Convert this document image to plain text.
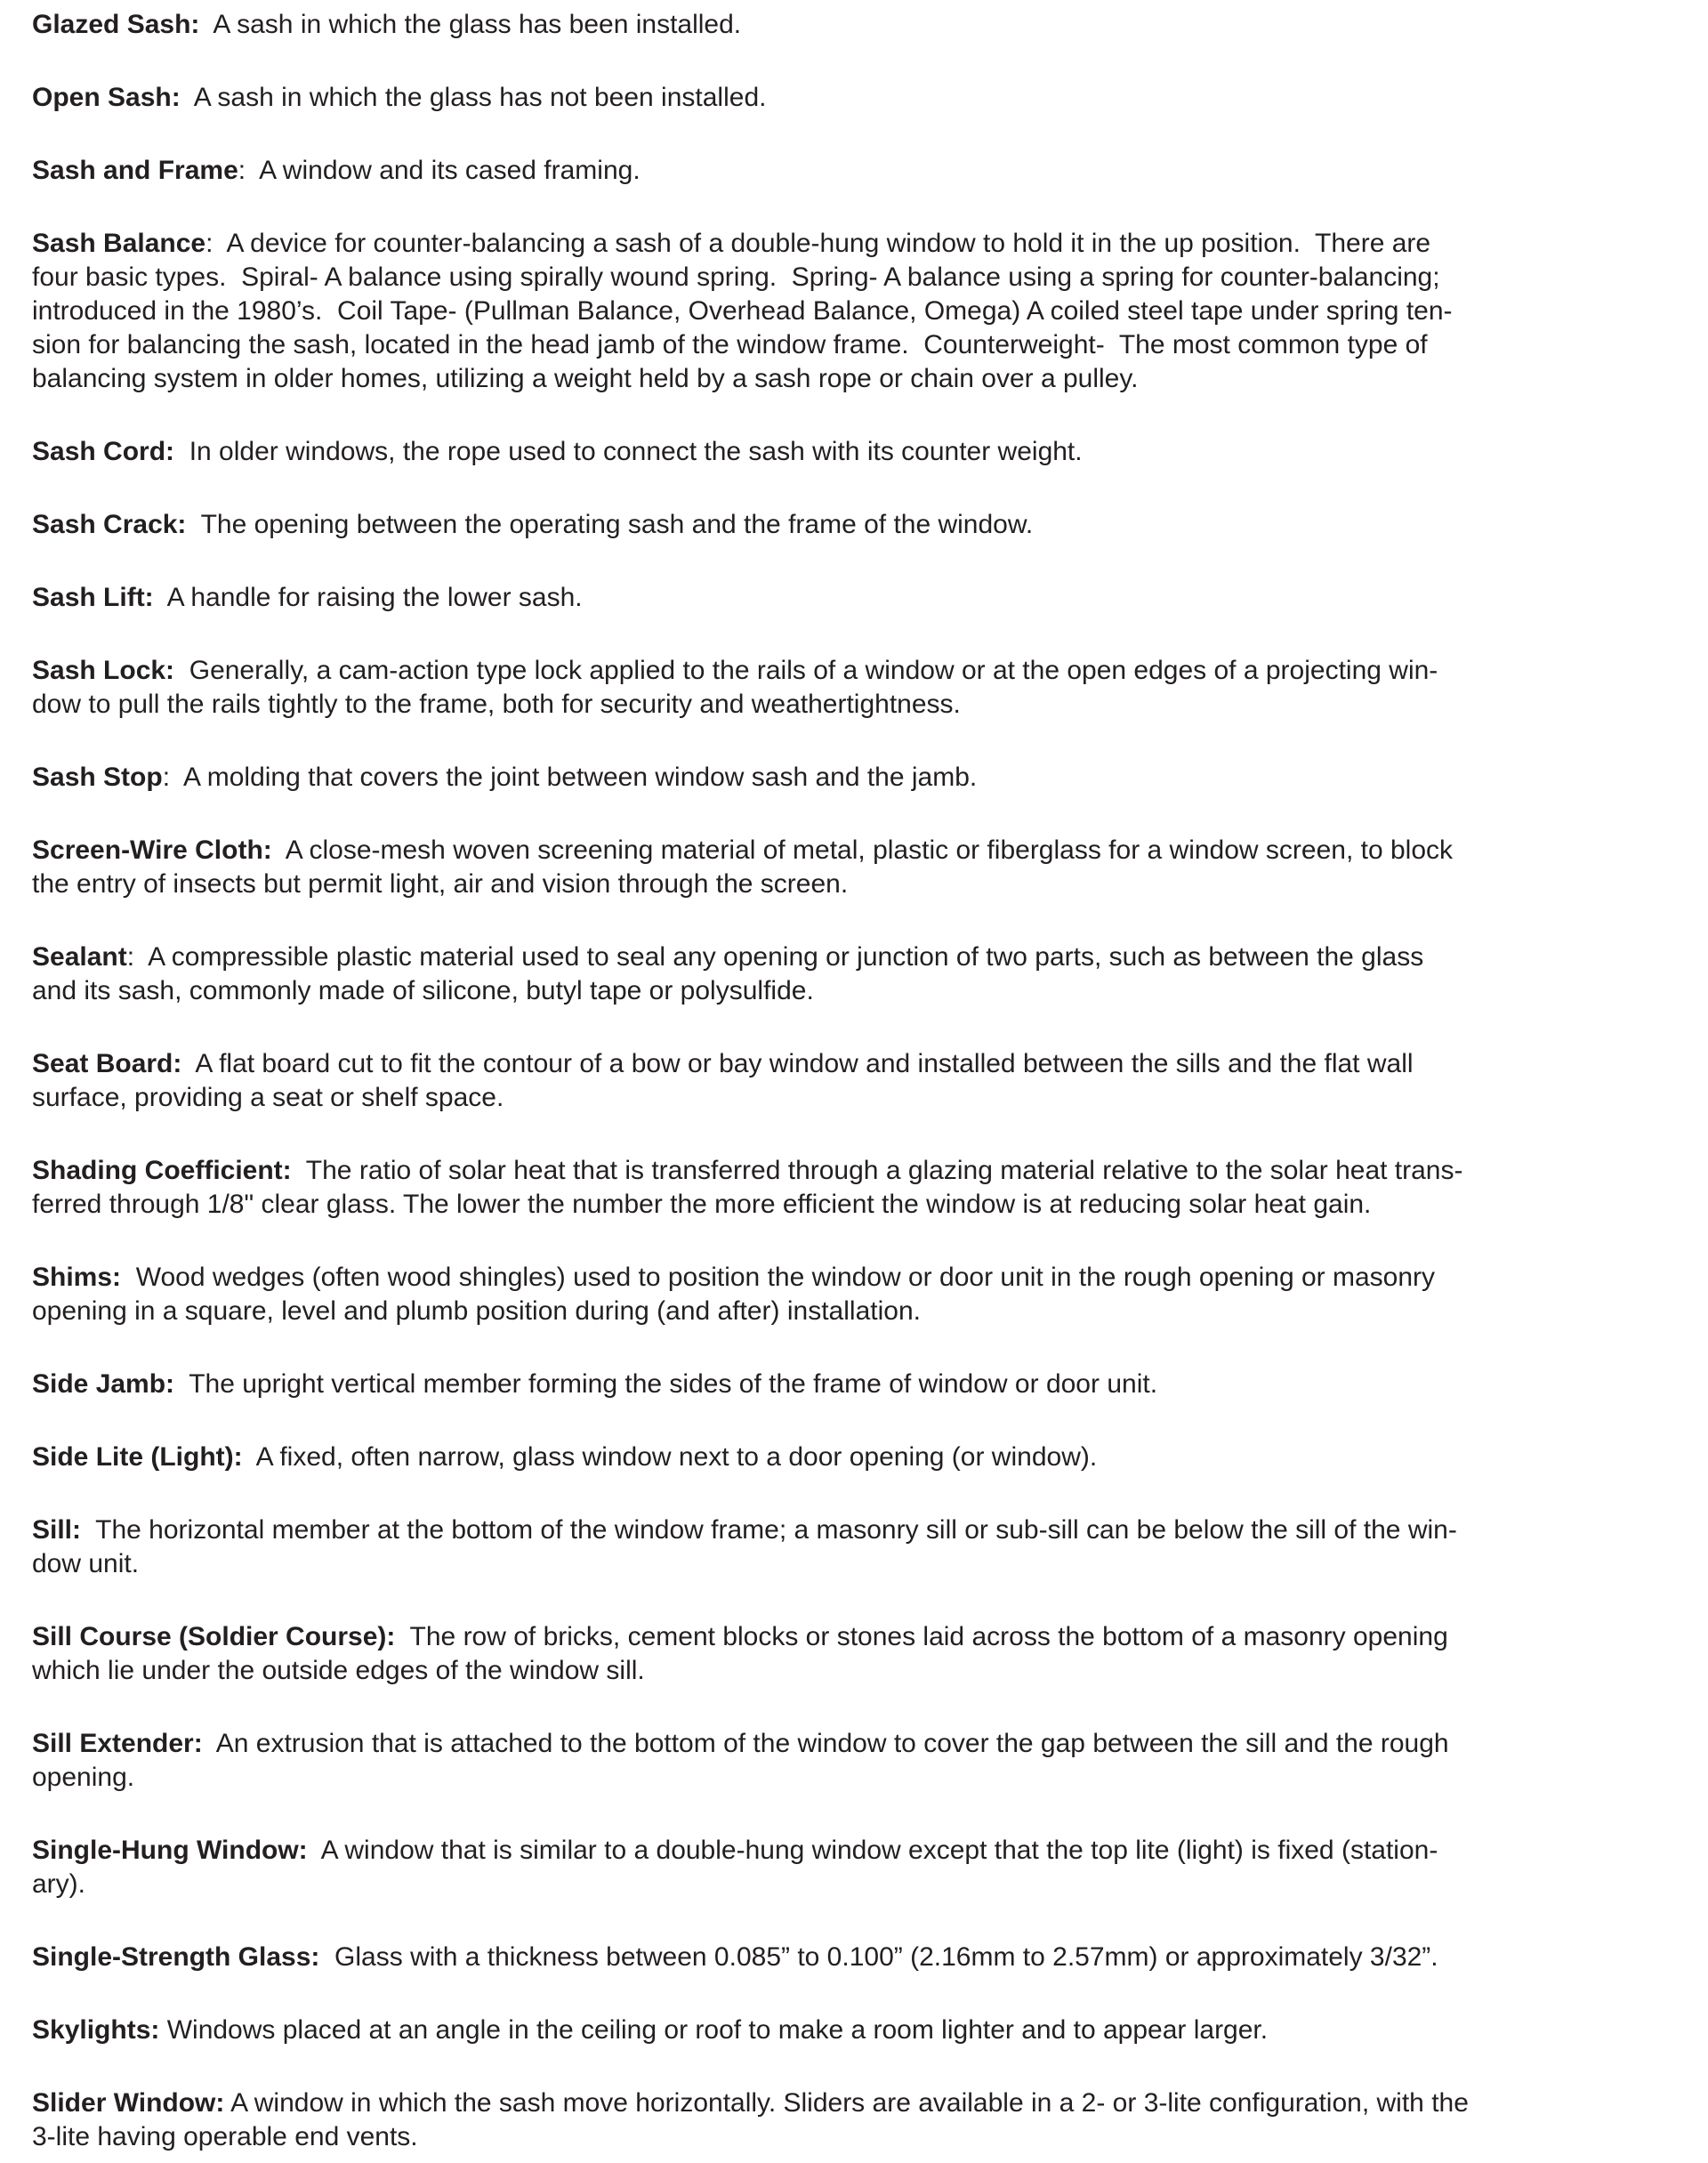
Glazed Sash:  A sash in which the glass has been installed.
Open Sash:  A sash in which the glass has not been installed.
Sash and Frame:  A window and its cased framing.
Sash Balance:  A device for counter-balancing a sash of a double-hung window to hold it in the up position.  There are
four basic types.  Spiral- A balance using spirally wound spring.  Spring- A balance using a spring for counter-balancing;
introduced in the 1980’s.  Coil Tape- (Pullman Balance, Overhead Balance, Omega) A coiled steel tape under spring ten-
sion for balancing the sash, located in the head jamb of the window frame.  Counterweight-  The most common type of
balancing system in older homes, utilizing a weight held by a sash rope or chain over a pulley.
Sash Cord:  In older windows, the rope used to connect the sash with its counter weight.
Sash Crack:  The opening between the operating sash and the frame of the window.
Sash Lift:  A handle for raising the lower sash.
Sash Lock:  Generally, a cam-action type lock applied to the rails of a window or at the open edges of a projecting win-
dow to pull the rails tightly to the frame, both for security and weathertightness.
Sash Stop:  A molding that covers the joint between window sash and the jamb.
Screen-Wire Cloth:  A close-mesh woven screening material of metal, plastic or fiberglass for a window screen, to block
the entry of insects but permit light, air and vision through the screen.
Sealant:  A compressible plastic material used to seal any opening or junction of two parts, such as between the glass
and its sash, commonly made of silicone, butyl tape or polysulfide.
Seat Board:  A flat board cut to fit the contour of a bow or bay window and installed between the sills and the flat wall
surface, providing a seat or shelf space.
Shading Coefficient:  The ratio of solar heat that is transferred through a glazing material relative to the solar heat trans-
ferred through 1/8" clear glass. The lower the number the more efficient the window is at reducing solar heat gain.
Shims:  Wood wedges (often wood shingles) used to position the window or door unit in the rough opening or masonry
opening in a square, level and plumb position during (and after) installation.
Side Jamb:  The upright vertical member forming the sides of the frame of window or door unit.
Side Lite (Light):  A fixed, often narrow, glass window next to a door opening (or window).
Sill:  The horizontal member at the bottom of the window frame; a masonry sill or sub-sill can be below the sill of the win-
dow unit.
Sill Course (Soldier Course):  The row of bricks, cement blocks or stones laid across the bottom of a masonry opening
which lie under the outside edges of the window sill.
Sill Extender:  An extrusion that is attached to the bottom of the window to cover the gap between the sill and the rough
opening.
Single-Hung Window:  A window that is similar to a double-hung window except that the top lite (light) is fixed (station-
ary).
Single-Strength Glass:  Glass with a thickness between 0.085” to 0.100” (2.16mm to 2.57mm) or approximately 3/32”.
Skylights: Windows placed at an angle in the ceiling or roof to make a room lighter and to appear larger.
Slider Window: A window in which the sash move horizontally. Sliders are available in a 2- or 3-lite configuration, with the
3-lite having operable end vents.
